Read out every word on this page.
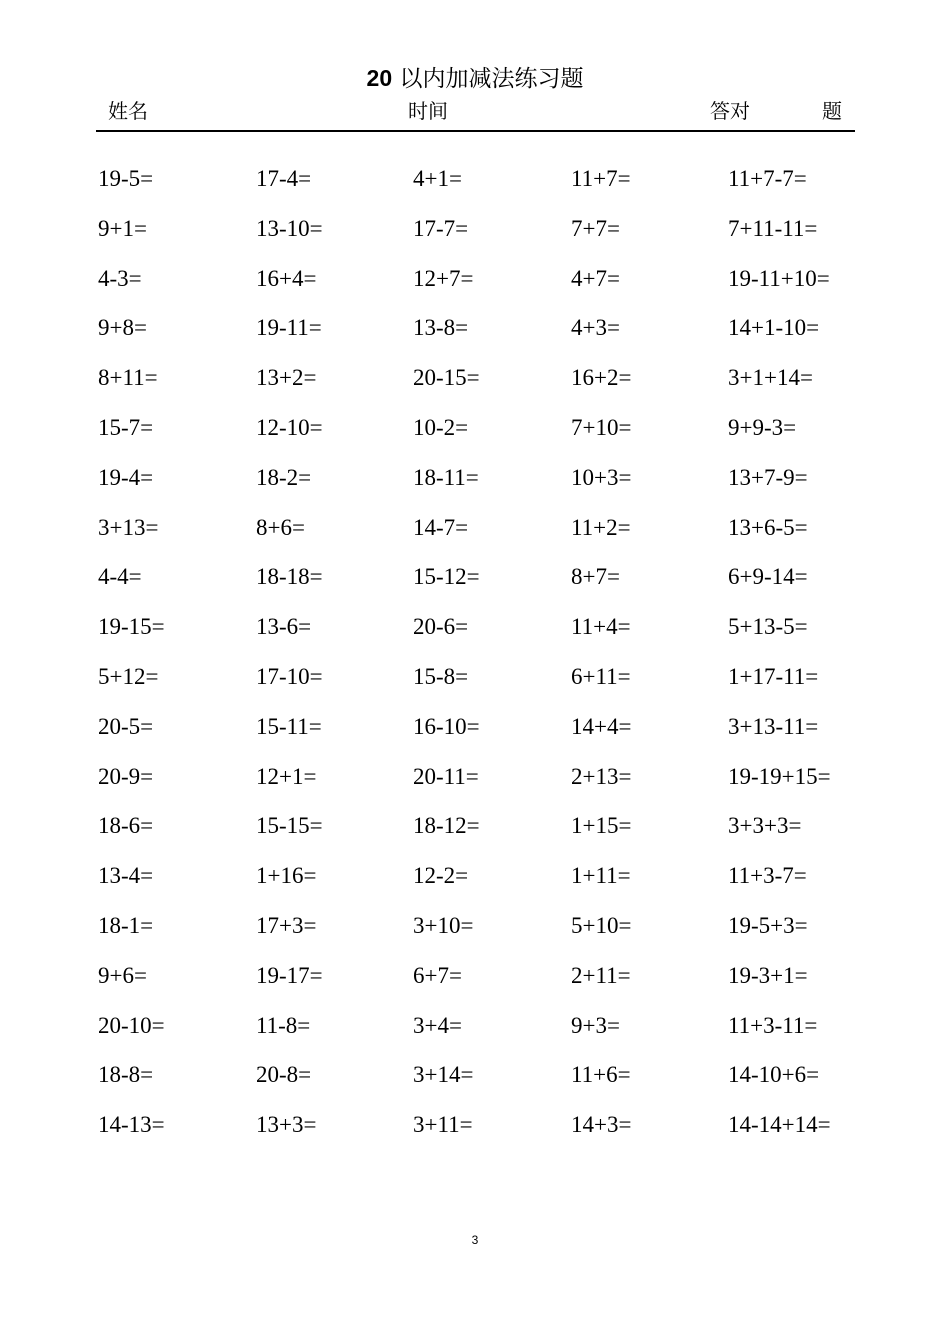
20 以内加减法练习题
姓名	时间	答对	题
19-5=	17-4=	4+1=	11+7=	11+7-7=
9+1=	13-10=	17-7=	7+7=	7+11-11=
4-3=	16+4=	12+7=	4+7=	19-11+10=
9+8=	19-11=	13-8=	4+3=	14+1-10=
8+11=	13+2=	20-15=	16+2=	3+1+14=
15-7=	12-10=	10-2=	7+10=	9+9-3=
19-4=	18-2=	18-11=	10+3=	13+7-9=
3+13=	8+6=	14-7=	11+2=	13+6-5=
4-4=	18-18=	15-12=	8+7=	6+9-14=
19-15=	13-6=	20-6=	11+4=	5+13-5=
5+12=	17-10=	15-8=	6+11=	1+17-11=
20-5=	15-11=	16-10=	14+4=	3+13-11=
20-9=	12+1=	20-11=	2+13=	19-19+15=
18-6=	15-15=	18-12=	1+15=	3+3+3=
13-4=	1+16=	12-2=	1+11=	11+3-7=
18-1=	17+3=	3+10=	5+10=	19-5+3=
9+6=	19-17=	6+7=	2+11=	19-3+1=
20-10=	11-8=	3+4=	9+3=	11+3-11=
18-8=	20-8=	3+14=	11+6=	14-10+6=
14-13=	13+3=	3+11=	14+3=	14-14+14=
3
